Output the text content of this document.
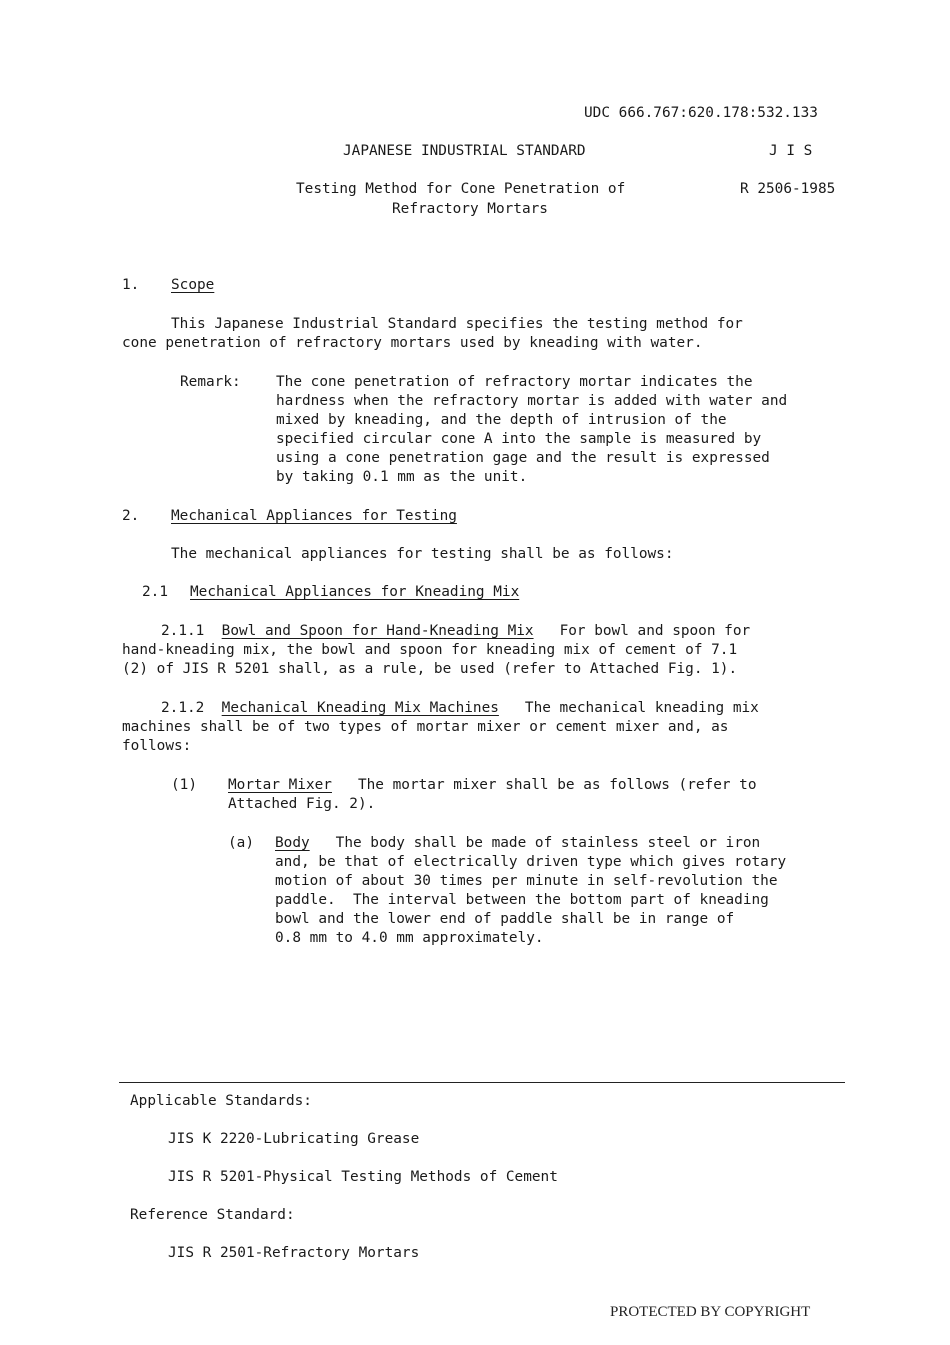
UDC 666.767:620.178:532.133
JAPANESE INDUSTRIAL STANDARD	J I S
Testing Method for Cone Penetration of
Refractory Mortars
R 2506-1985
1. Scope
This Japanese Industrial Standard specifies the testing method for
cone penetration of refractory mortars used by kneading with water.
Remark: The cone penetration of refractory mortar indicates the
hardness when the refractory mortar is added with water and
mixed by kneading, and the depth of intrusion of the
specified circular cone A into the sample is measured by
using a cone penetration gage and the result is expressed
by taking 0.1 mm as the unit.
2. Mechanical Appliances for Testing
The mechanical appliances for testing shall be as follows:
2.1 Mechanical Appliances for Kneading Mix
2.1.1 Bowl and Spoon for Hand-Kneading Mix For bowl and spoon for
hand-kneading mix, the bowl and spoon for kneading mix of cement of 7.1
(2) of JIS R 5201 shall, as a rule, be used (refer to Attached Fig. 1).
2.1.2 Mechanical Kneading Mix Machines The mechanical kneading mix
machines shall be of two types of mortar mixer or cement mixer and, as
follows:
(1) Mortar Mixer The mortar mixer shall be as follows (refer to
Attached Fig. 2).
(a) Body The body shall be made of stainless steel or iron
and, be that of electrically driven type which gives rotary
motion of about 30 times per minute in self-revolution the
paddle.  The interval between the bottom part of kneading
bowl and the lower end of paddle shall be in range of
0.8 mm to 4.0 mm approximately.
Applicable Standards:
JIS K 2220-Lubricating Grease
JIS R 5201-Physical Testing Methods of Cement
Reference Standard:
JIS R 2501-Refractory Mortars
PROTECTED BY COPYRIGHT
